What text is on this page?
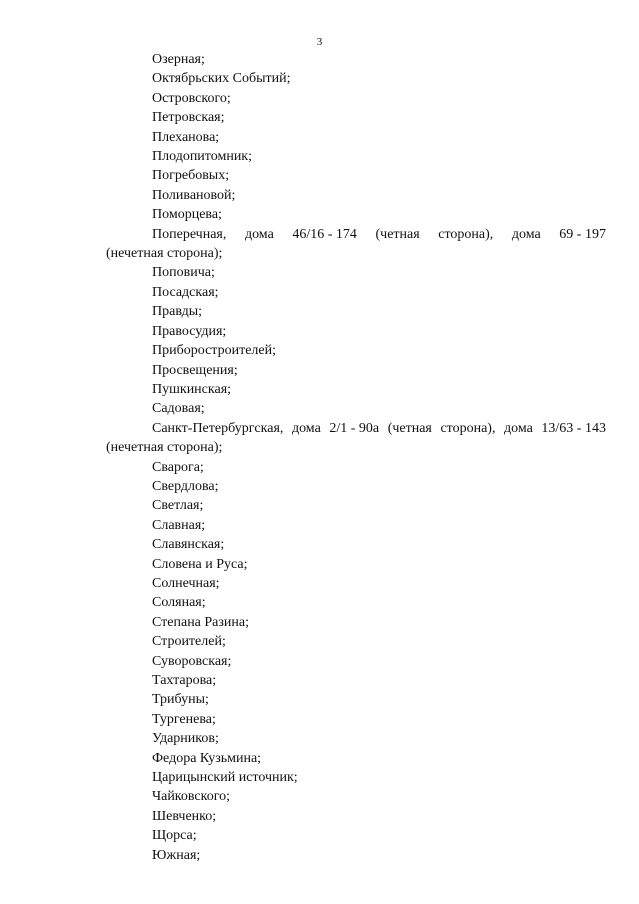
3
Озерная;
Октябрьских Событий;
Островского;
Петровская;
Плеханова;
Плодопитомник;
Погребовых;
Поливановой;
Поморцева;
Поперечная, дома 46/16 - 174 (четная сторона), дома 69 - 197
(нечетная сторона);
Поповича;
Посадская;
Правды;
Правосудия;
Приборостроителей;
Просвещения;
Пушкинская;
Садовая;
Санкт-Петербургская, дома 2/1 - 90а (четная сторона), дома 13/63 - 143
(нечетная сторона);
Сварога;
Свердлова;
Светлая;
Славная;
Славянская;
Словена и Руса;
Солнечная;
Соляная;
Степана Разина;
Строителей;
Суворовская;
Тахтарова;
Трибуны;
Тургенева;
Ударников;
Федора Кузьмина;
Царицынский источник;
Чайковского;
Шевченко;
Щорса;
Южная;
